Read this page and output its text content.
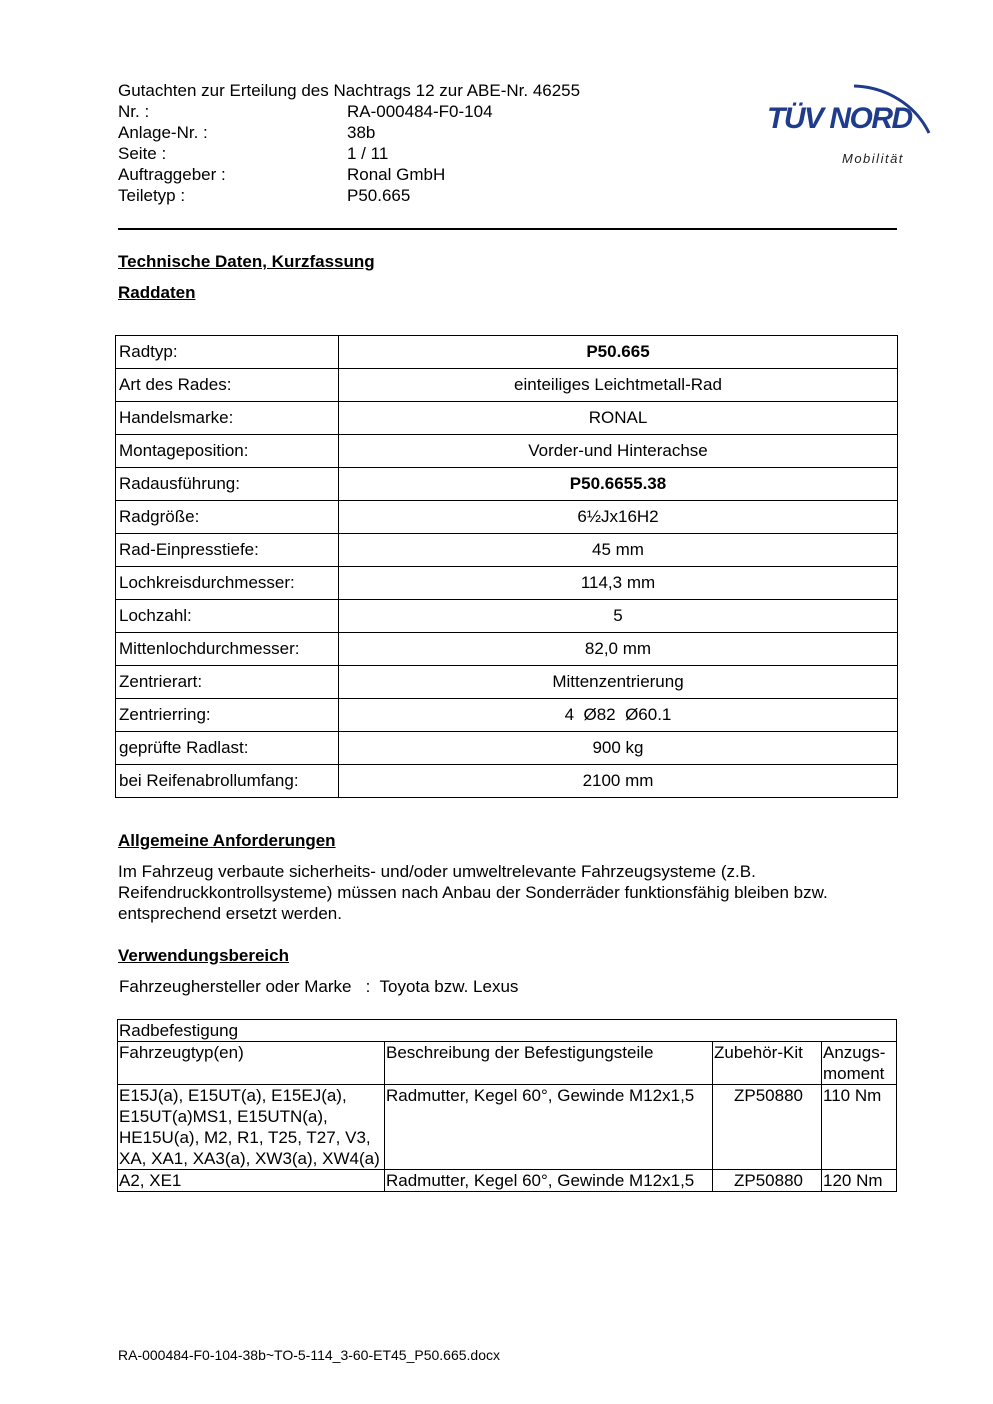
Gutachten zur Erteilung des Nachtrags 12 zur ABE-Nr. 46255
Nr. :	RA-000484-F0-104
Anlage-Nr. :	38b
Seite :	1 / 11
Auftraggeber :	Ronal GmbH
Teiletyp :	P50.665
TÜV NORD
Mobilität
Technische Daten, Kurzfassung
Raddaten
Radtyp:	P50.665
Art des Rades:	einteiliges Leichtmetall-Rad
Handelsmarke:	RONAL
Montageposition:	Vorder-und Hinterachse
Radausführung:	P50.6655.38
Radgröße:	6½Jx16H2
Rad-Einpresstiefe:	45 mm
Lochkreisdurchmesser:	114,3 mm
Lochzahl:	5
Mittenlochdurchmesser:	82,0 mm
Zentrierart:	Mittenzentrierung
Zentrierring:	4  Ø82  Ø60.1
geprüfte Radlast:	900 kg
bei Reifenabrollumfang:	2100 mm
Allgemeine Anforderungen
Im Fahrzeug verbaute sicherheits- und/oder umweltrelevante Fahrzeugsysteme (z.B. Reifendruckkontrollsysteme) müssen nach Anbau der Sonderräder funktionsfähig bleiben bzw. entsprechend ersetzt werden.
Verwendungsbereich
Fahrzeughersteller oder Marke : Toyota bzw. Lexus
Radbefestigung			
Fahrzeugtyp(en)	Beschreibung der Befestigungsteile	Zubehör-Kit	Anzugs-moment
E15J(a), E15UT(a), E15EJ(a), E15UT(a)MS1, E15UTN(a), HE15U(a), M2, R1, T25, T27, V3, XA, XA1, XA3(a), XW3(a), XW4(a)	Radmutter, Kegel 60°, Gewinde M12x1,5	ZP50880	110 Nm
A2, XE1	Radmutter, Kegel 60°, Gewinde M12x1,5	ZP50880	120 Nm
RA-000484-F0-104-38b~TO-5-114_3-60-ET45_P50.665.docx
